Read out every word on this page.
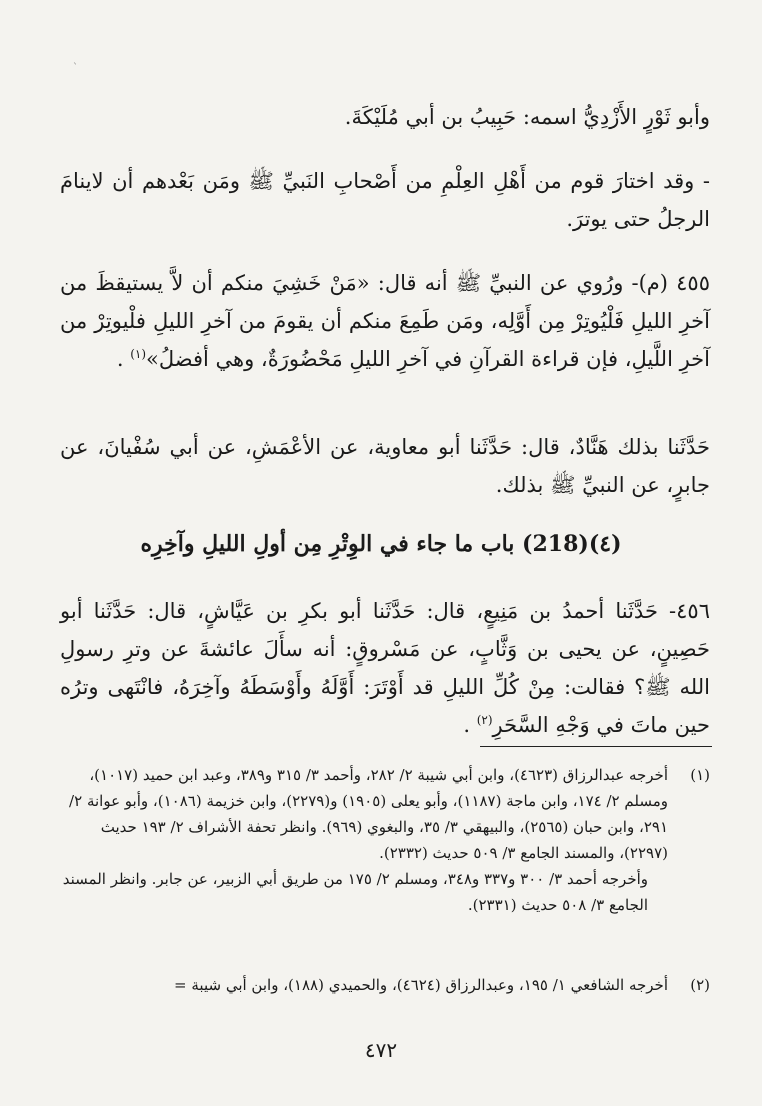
`
وأبو ثَوْرٍ الأَزْدِيُّ اسمه: حَبِيبُ بن أبي مُلَيْكَةَ.
- وقد اختارَ قوم من أَهْلِ العِلْمِ من أَصْحابِ النَبيِّ ﷺ ومَن بَعْدهم أن لاينامَ الرجلُ حتى يوترَ.
٤٥٥ (م)- ورُوي عن النبيِّ ﷺ أنه قال: «مَنْ خَشِيَ منكم أن لاَّ يستيقظَ من آخرِ الليلِ فَلْيُوتِرْ مِن أَوَّلِه، ومَن طَمِعَ منكم أن يقومَ من آخرِ الليلِ فلْيوتِرْ من آخرِ اللَّيلِ، فإن قراءة القرآنِ في آخرِ الليلِ مَحْضُورَةٌ، وهي أفضلُ»$^{(١)}$ .
حَدَّثَنا بذلك هَنَّادٌ، قال: حَدَّثَنا أبو معاوية، عن الأعْمَشِ، عن أبي سُفْيانَ، عن جابرٍ، عن النبيِّ ﷺ بذلك.
(٤)(218) باب ما جاء في الوِتْرِ مِن أولِ الليلِ وآخِرِه
٤٥٦- حَدَّثَنا أحمدُ بن مَنِيعٍ، قال: حَدَّثَنا أبو بكرِ بن عَيَّاشٍ، قال: حَدَّثَنا أبو حَصِينٍ، عن يحيى بن وَثَّابٍ، عن مَسْروقٍ: أنه سأَلَ عائشةَ عن وترِ رسولِ الله ﷺ؟ فقالت: مِنْ كُلِّ الليلِ قد أَوْتَرَ: أَوَّلَهُ وأَوْسَطَهُ وآخِرَهُ، فانْتَهى وترُه حين ماتَ في وَجْهِ السَّحَرِ$^{(٢)}$ .
(١)
أخرجه عبدالرزاق (٤٦٢٣)، وابن أبي شيبة ٢/ ٢٨٢، وأحمد ٣/ ٣١٥ و٣٨٩، وعبد ابن حميد (١٠١٧)، ومسلم ٢/ ١٧٤، وابن ماجة (١١٨٧)، وأبو يعلى (١٩٠٥) و(٢٢٧٩)، وابن خزيمة (١٠٨٦)، وأبو عوانة ٢/ ٢٩١، وابن حبان (٢٥٦٥)، والبيهقي ٣/ ٣٥، والبغوي (٩٦٩). وانظر تحفة الأشراف ٢/ ١٩٣ حديث (٢٢٩٧)، والمسند الجامع ٣/ ٥٠٩ حديث (٢٣٣٢).
وأخرجه أحمد ٣/ ٣٠٠ و٣٣٧ و٣٤٨، ومسلم ٢/ ١٧٥ من طريق أبي الزبير، عن جابر. وانظر المسند الجامع ٣/ ٥٠٨ حديث (٢٣٣١).
(٢)
أخرجه الشافعي ١/ ١٩٥، وعبدالرزاق (٤٦٢٤)، والحميدي (١٨٨)، وابن أبي شيبة =
٤٧٢
